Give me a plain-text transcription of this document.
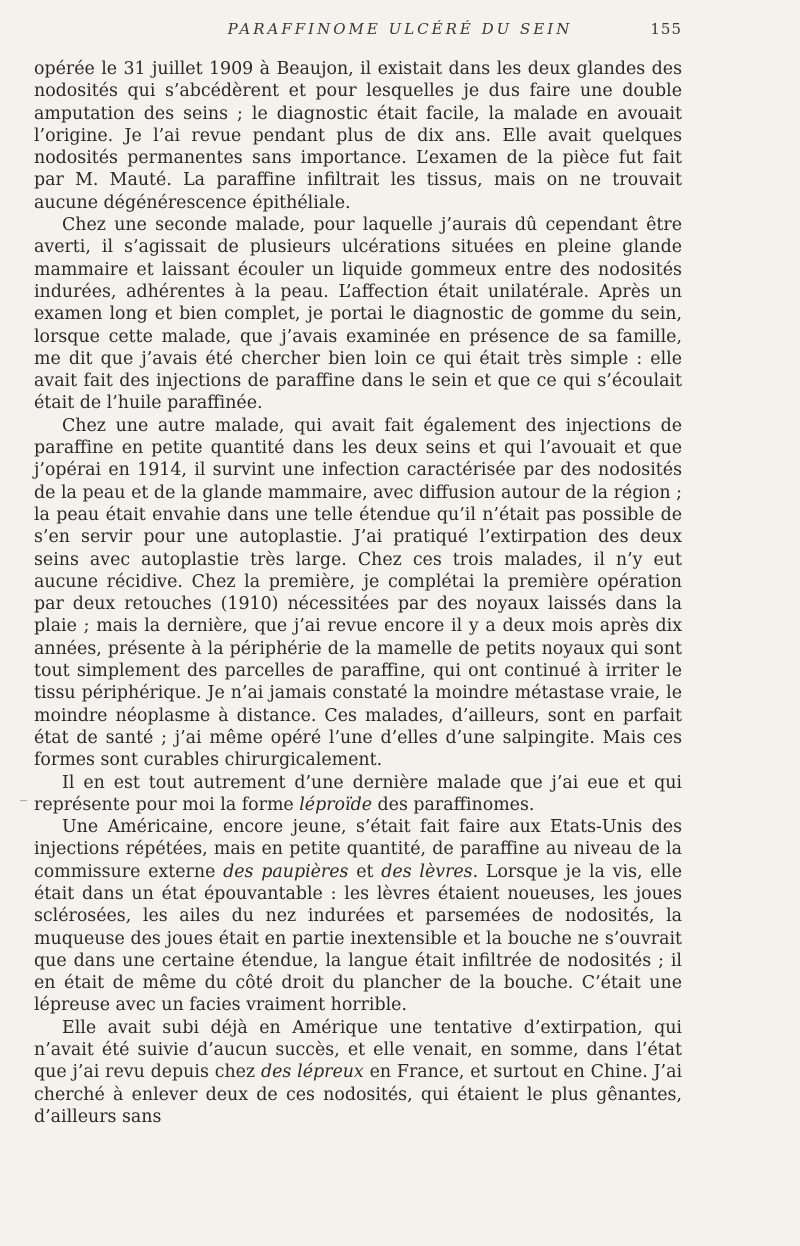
PARAFFINOME ULCÉRÉ DU SEIN	155
_

opérée le 31 juillet 1909 à Beaujon, il existait dans les deux glandes des nodosités qui s’abcédèrent et pour lesquelles je dus faire une double amputation des seins ; le diagnostic était facile, la malade en avouait l’origine. Je l’ai revue pendant plus de dix ans. Elle avait quelques nodosités permanentes sans importance. L’examen de la pièce fut fait par M. Mauté. La paraffine infiltrait les tissus, mais on ne trouvait aucune dégénérescence épithéliale.

Chez une seconde malade, pour laquelle j’aurais dû cependant être averti, il s’agissait de plusieurs ulcérations situées en pleine glande mammaire et laissant écouler un liquide gommeux entre des nodosités indurées, adhérentes à la peau. L’affection était unilatérale. Après un examen long et bien complet, je portai le diagnostic de gomme du sein, lorsque cette malade, que j’avais examinée en présence de sa famille, me dit que j’avais été chercher bien loin ce qui était très simple : elle avait fait des injections de paraffine dans le sein et que ce qui s’écoulait était de l’huile paraffinée.

Chez une autre malade, qui avait fait également des injections de paraffine en petite quantité dans les deux seins et qui l’avouait et que j’opérai en 1914, il survint une infection caractérisée par des nodosités de la peau et de la glande mammaire, avec diffusion autour de la région ; la peau était envahie dans une telle étendue qu’il n’était pas possible de s’en servir pour une autoplastie. J’ai pratiqué l’extirpation des deux seins avec autoplastie très large. Chez ces trois malades, il n’y eut aucune récidive. Chez la première, je complétai la première opération par deux retouches (1910) nécessitées par des noyaux laissés dans la plaie ; mais la dernière, que j’ai revue encore il y a deux mois après dix années, présente à la périphérie de la mamelle de petits noyaux qui sont tout simplement des parcelles de paraffine, qui ont continué à irriter le tissu périphérique. Je n’ai jamais constaté la moindre métastase vraie, le moindre néoplasme à distance. Ces malades, d’ailleurs, sont en parfait état de santé ; j’ai même opéré l’une d’elles d’une salpingite. Mais ces formes sont curables chirurgicalement.

Il en est tout autrement d’une dernière malade que j’ai eue et qui représente pour moi la forme léproïde des paraffinomes.

Une Américaine, encore jeune, s’était fait faire aux Etats-Unis des injections répétées, mais en petite quantité, de paraffine au niveau de la commissure externe des paupières et des lèvres. Lorsque je la vis, elle était dans un état épouvantable : les lèvres étaient noueuses, les joues sclérosées, les ailes du nez indurées et parsemées de nodosités, la muqueuse des joues était en partie inextensible et la bouche ne s’ouvrait que dans une certaine étendue, la langue était infiltrée de nodosités ; il en était de même du côté droit du plancher de la bouche. C’était une lépreuse avec un facies vraiment horrible.

Elle avait subi déjà en Amérique une tentative d’extirpation, qui n’avait été suivie d’aucun succès, et elle venait, en somme, dans l’état que j’ai revu depuis chez des lépreux en France, et surtout en Chine. J’ai cherché à enlever deux de ces nodosités, qui étaient le plus gênantes, d’ailleurs sans
